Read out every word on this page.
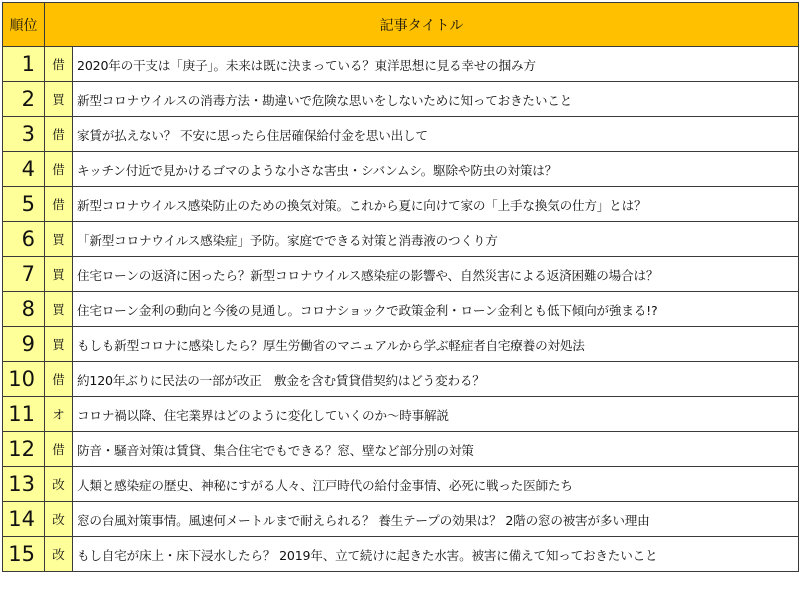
順位	記事タイトル	
1	借	2020年の干支は「庚子」。未来は既に決まっている？東洋思想に見る幸せの掴み方
2	買	新型コロナウイルスの消毒方法・勘違いで危険な思いをしないために知っておきたいこと
3	借	家賃が払えない？ 不安に思ったら住居確保給付金を思い出して
4	借	キッチン付近で見かけるゴマのような小さな害虫・シバンムシ。駆除や防虫の対策は？
5	借	新型コロナウイルス感染防止のための換気対策。これから夏に向けて家の「上手な換気の仕方」とは？
6	買	「新型コロナウイルス感染症」予防。家庭でできる対策と消毒液のつくり方
7	買	住宅ローンの返済に困ったら？新型コロナウイルス感染症の影響や、自然災害による返済困難の場合は？
8	買	住宅ローン金利の動向と今後の見通し。コロナショックで政策金利・ローン金利とも低下傾向が強まる!?
9	買	もしも新型コロナに感染したら？厚生労働省のマニュアルから学ぶ軽症者自宅療養の対処法
10	借	約120年ぶりに民法の一部が改正　敷金を含む賃貸借契約はどう変わる？
11	オ	コロナ禍以降、住宅業界はどのように変化していくのか～時事解説
12	借	防音・騒音対策は賃貸、集合住宅でもできる？窓、壁など部分別の対策
13	改	人類と感染症の歴史、神秘にすがる人々、江戸時代の給付金事情、必死に戦った医師たち
14	改	窓の台風対策事情。風速何メートルまで耐えられる？ 養生テープの効果は？ 2階の窓の被害が多い理由
15	改	もし自宅が床上・床下浸水したら？ 2019年、立て続けに起きた水害。被害に備えて知っておきたいこと
